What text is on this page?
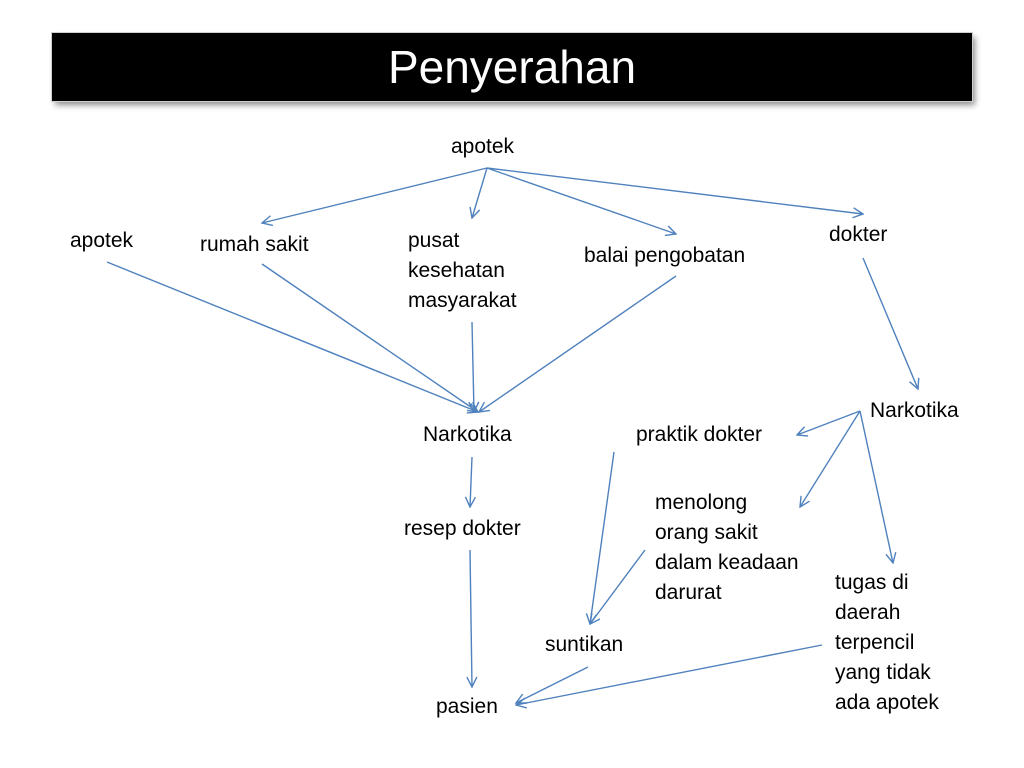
Penyerahan
apotek
apotek	rumah sakit	pusat
kesehatan
masyarakat
balai pengobatan
dokter
Narkotika
Narkotika
praktik dokter
menolong
orang sakit
dalam keadaan
darurat
resep dokter
suntikan
tugas di
daerah
terpencil
yang tidak
ada apotek
pasien
